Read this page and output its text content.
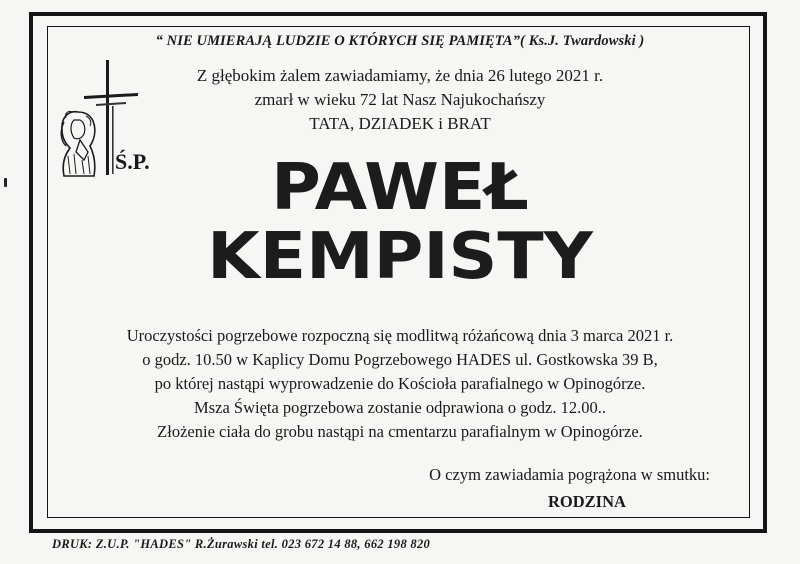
“ NIE UMIERAJĄ LUDZIE O KTÓRYCH SIĘ PAMIĘTA”( Ks.J. Twardowski )
Ś.P.
Z głębokim żalem zawiadamiamy, że dnia 26 lutego 2021 r.
zmarł w wieku 72 lat Nasz Najukochańszy
TATA, DZIADEK i BRAT
PAWEŁ
KEMPISTY
Uroczystości pogrzebowe rozpoczną się modlitwą różańcową dnia 3 marca 2021 r.
o godz. 10.50 w Kaplicy Domu Pogrzebowego HADES ul. Gostkowska 39 B,
po której nastąpi wyprowadzenie do Kościoła parafialnego w Opinogórze.
Msza Święta pogrzebowa zostanie odprawiona o godz. 12.00..
Złożenie ciała do grobu nastąpi na cmentarzu parafialnym w Opinogórze.
O czym zawiadamia pogrążona w smutku:
RODZINA
DRUK: Z.U.P. "HADES" R.Żurawski tel. 023 672 14 88, 662 198 820
